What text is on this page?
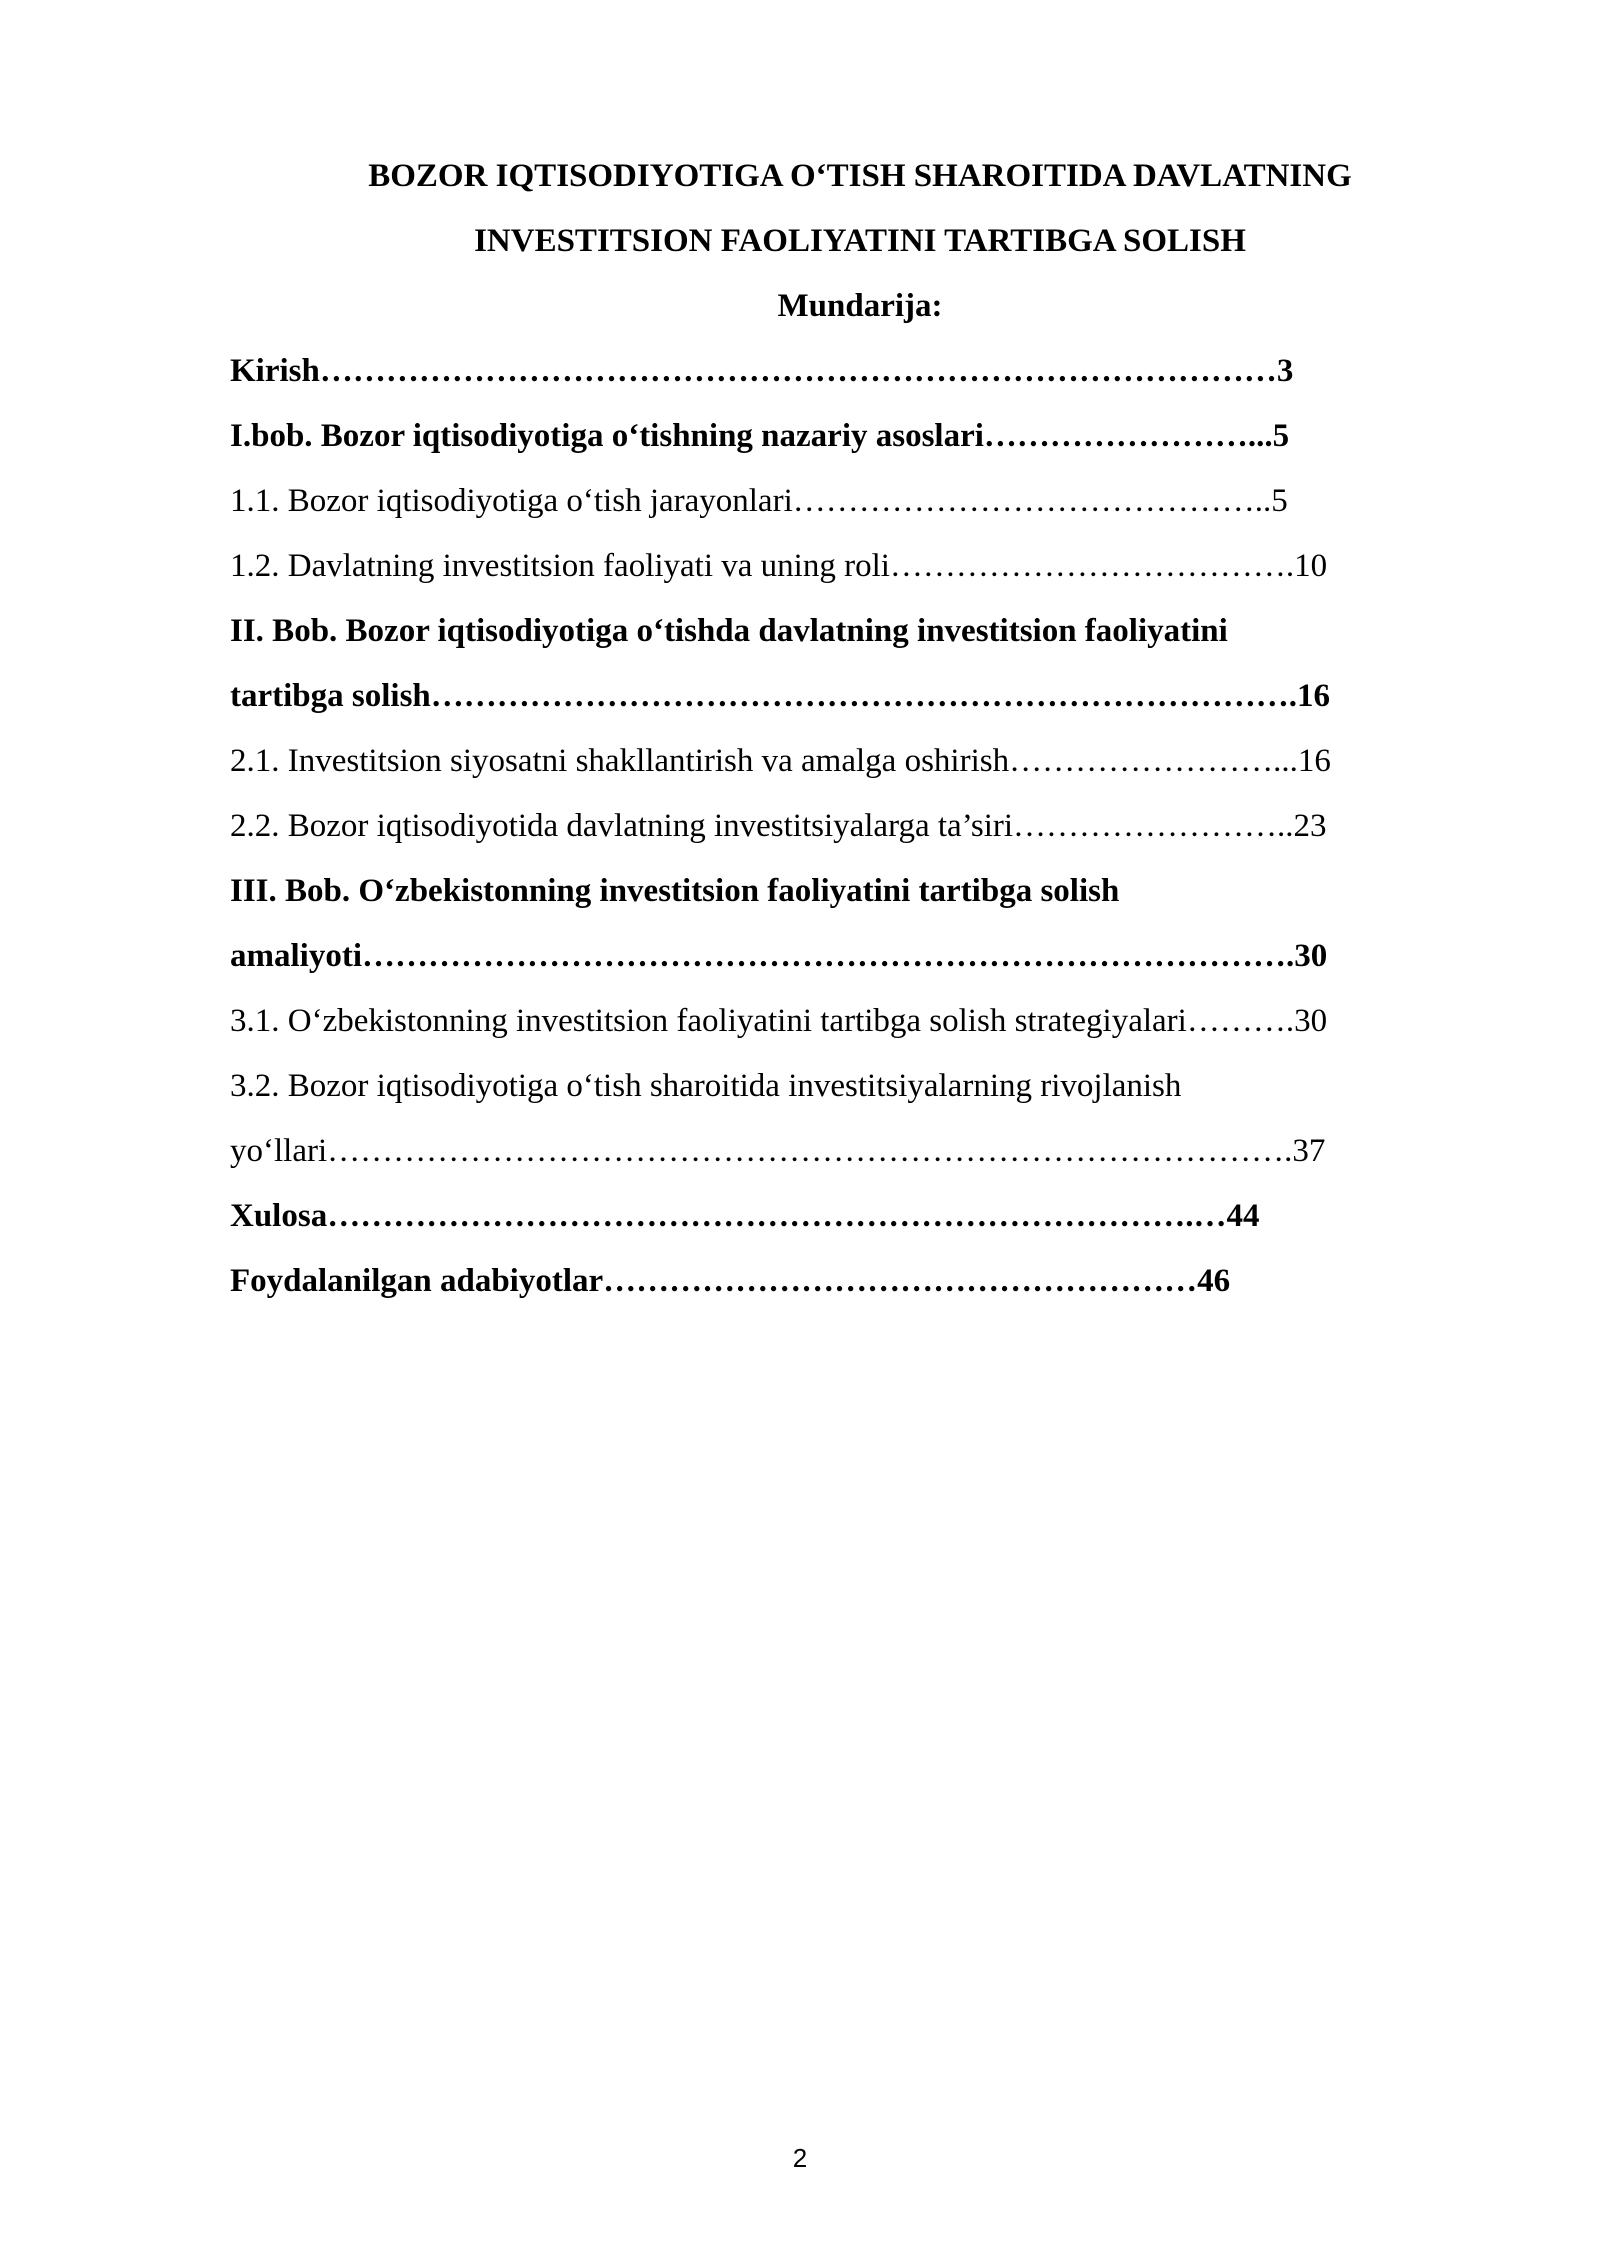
BOZOR IQTISODIYOTIGA O‘TISH SHAROITIDA DAVLATNING
INVESTITSION FAOLIYATINI TARTIBGA SOLISH
Mundarija:
Kirish……………………………………………………………………………3
I.bob. Bozor iqtisodiyotiga o‘tishning nazariy asoslari……………………...5
1.1. Bozor iqtisodiyotiga o‘tish jarayonlari……………………………………..5
1.2. Davlatning investitsion faoliyati va uning roli……………………………….10
II. Bob. Bozor iqtisodiyotiga o‘tishda davlatning investitsion faoliyatini
tartibga solish…………………………………………………………………….16
2.1. Investitsion siyosatni shakllantirish va amalga oshirish……………………...16
2.2. Bozor iqtisodiyotida davlatning investitsiyalarga ta’siri……………………..23
III. Bob. O‘zbekistonning investitsion faoliyatini tartibga solish
amaliyoti………………………………………………………………………….30
3.1. O‘zbekistonning investitsion faoliyatini tartibga solish strategiyalari……….30
3.2. Bozor iqtisodiyotiga o‘tish sharoitida investitsiyalarning rivojlanish
yo‘llari…………………………………………………………………………….37
Xulosa…………………………………………………………………….…44
Foydalanilgan adabiyotlar………………………………………………46
2
